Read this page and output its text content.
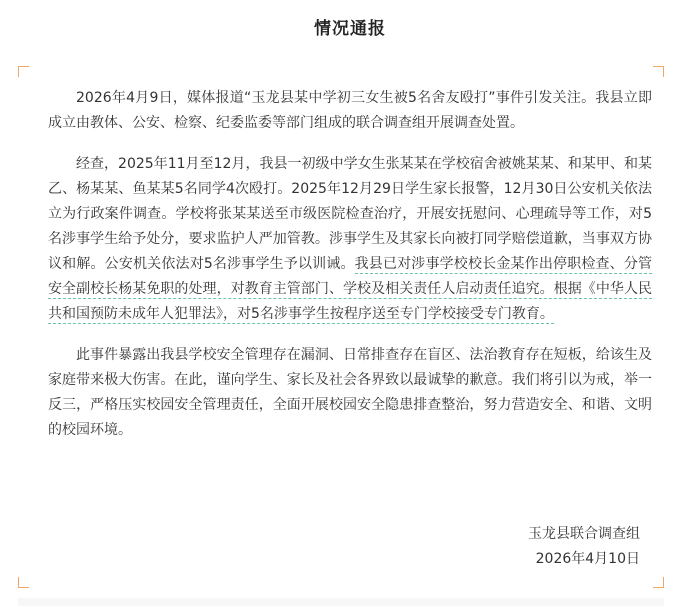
情况通报

2026年4月9日，媒体报道“玉龙县某中学初三女生被5名舍友殴打”事件引发关注。我县立即成立由教体、公安、检察、纪委监委等部门组成的联合调查组开展调查处置。

经查，2025年11月至12月，我县一初级中学女生张某某在学校宿舍被姚某某、和某甲、和某乙、杨某某、鱼某某5名同学4次殴打。2025年12月29日学生家长报警，12月30日公安机关依法立为行政案件调查。学校将张某某送至市级医院检查治疗，开展安抚慰问、心理疏导等工作，对5名涉事学生给予处分，要求监护人严加管教。涉事学生及其家长向被打同学赔偿道歉，当事双方协议和解。公安机关依法对5名涉事学生予以训诫。我县已对涉事学校校长金某作出停职检查、分管安全副校长杨某免职的处理，对教育主管部门、学校及相关责任人启动责任追究。根据《中华人民共和国预防未成年人犯罪法》，对5名涉事学生按程序送至专门学校接受专门教育。

此事件暴露出我县学校安全管理存在漏洞、日常排查存在盲区、法治教育存在短板，给该生及家庭带来极大伤害。在此，谨向学生、家长及社会各界致以最诚挚的歉意。我们将引以为戒，举一反三，严格压实校园安全管理责任，全面开展校园安全隐患排查整治，努力营造安全、和谐、文明的校园环境。

玉龙县联合调查组
2026年4月10日
